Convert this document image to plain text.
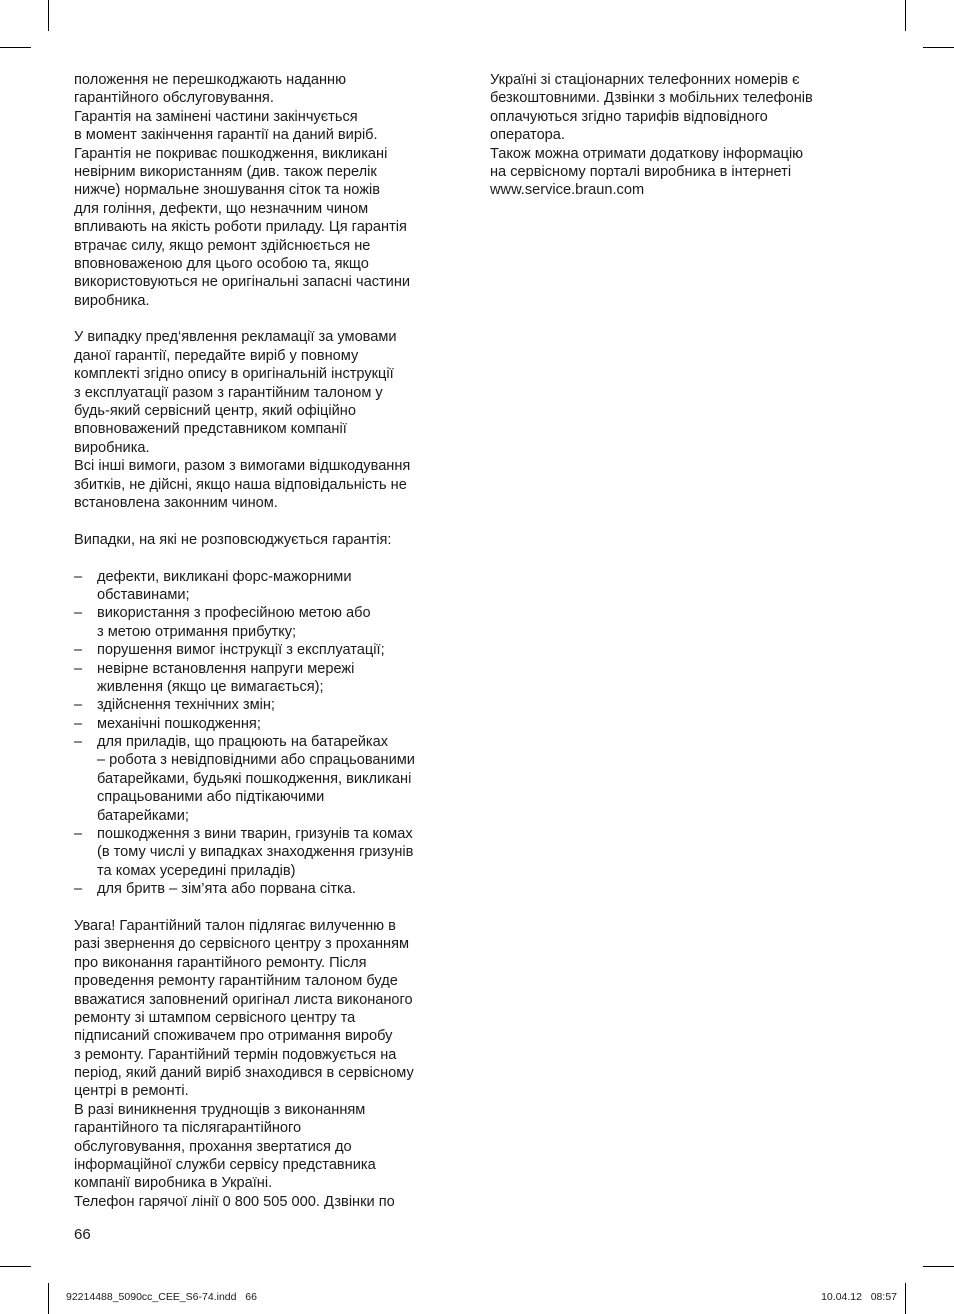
положення не перешкоджають наданню
гарантійного обслуговування.
Гарантія на замінені частини закінчується
в момент закінчення гарантії на даний виріб.
Гарантія не покриває пошкодження, викликані
невірним використанням (див. також перелік
нижче) нормальне зношування сіток та ножів
для гоління, дефекти, що незначним чином
впливають на якість роботи приладу. Ця гарантія
втрачає силу, якщо ремонт здійснюється не
вповноваженою для цього особою та, якщо
використовуються не оригінальні запасні частини
виробника.
У випадку пред‘явлення рекламації за умовами
даної гарантії, передайте виріб у повному
комплекті згідно опису в оригінальній інструкції
з експлуатації разом з гарантійним талоном у
будь-який сервісний центр, який офіційно
вповноважений представником компанії
виробника.
Всі інші вимоги, разом з вимогами відшкодування
збитків, не дійсні, якщо наша відповідальність не
встановлена законним чином.
Випадки, на які не розповсюджується гарантія:
– дефекти, викликані форс-мажорними
обставинами;
– використання з професійною метою або
з метою отримання прибутку;
– порушення вимог інструкції з експлуатації;
– невірне встановлення напруги мережі
живлення (якщо це вимагається);
– здійснення технічних змін;
– механічні пошкодження;
– для приладів, що працюють на батарейках
– робота з невідповідними або спрацьованими
батарейками, будьякі пошкодження, викликані
спрацьованими або підтікаючими
батарейками;
– пошкодження з вини тварин, гризунів та комах
(в тому числі у випадках знаходження гризунів
та комах усередині приладів)
– для бритв – зім’ята або порвана сітка.
Увага! Гарантійний талон підлягає вилученню в
разі звернення до сервісного центру з проханням
про виконання гарантійного ремонту. Після
проведення ремонту гарантійним талоном буде
вважатися заповнений оригінал листа виконаного
ремонту зі штампом сервісного центру та
підписаний споживачем про отримання виробу
з ремонту. Гарантійний термін подовжується на
період, який даний виріб знаходився в сервісному
центрі в ремонті.
В разі виникнення труднощів з виконанням
гарантійного та післягарантійного
обслуговування, прохання звертатися до
інформаційної служби сервісу представника
компанії виробника в Україні.
Телефон гарячої лінії 0 800 505 000. Дзвінки по
Україні зі стаціонарних телефонних номерів є
безкоштовними. Дзвінки з мобільних телефонів
оплачуються згідно тарифів відповідного
оператора.
Також можна отримати додаткову інформацію
на сервісному порталі виробника в інтернеті
www.service.braun.com
66
92214488_5090cc_CEE_S6-74.indd   66	10.04.12   08:57
